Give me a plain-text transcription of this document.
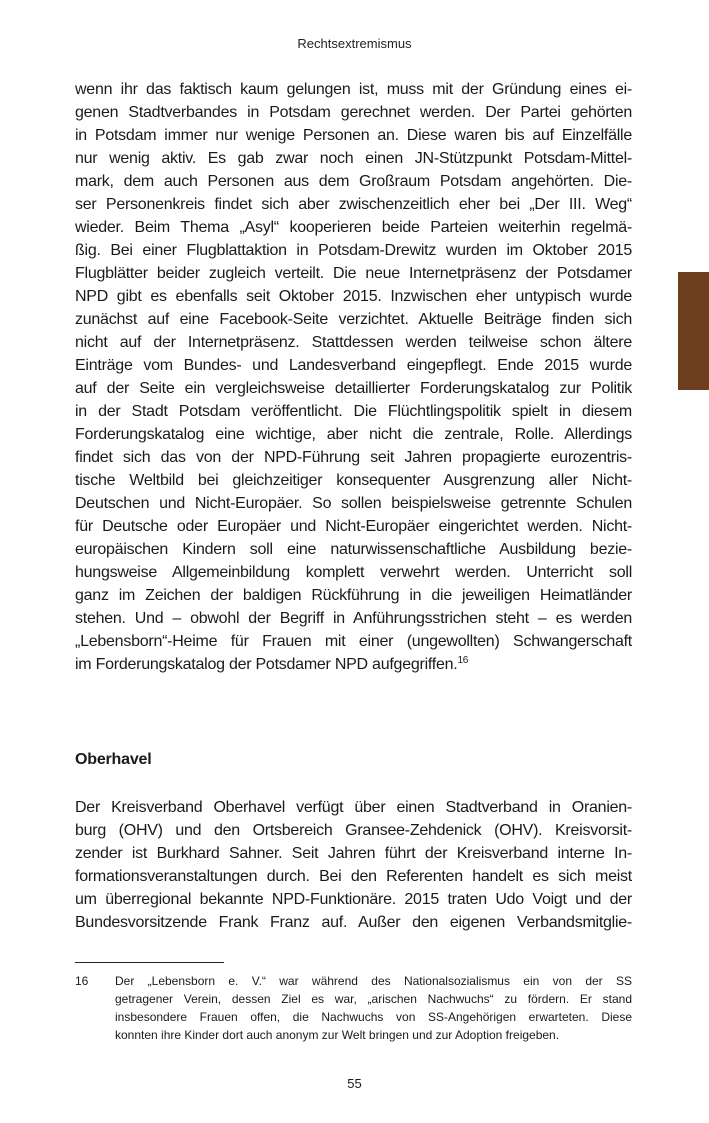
Rechtsextremismus
wenn ihr das faktisch kaum gelungen ist, muss mit der Gründung eines ei-
genen Stadtverbandes in Potsdam gerechnet werden. Der Partei gehörten
in Potsdam immer nur wenige Personen an. Diese waren bis auf Einzelfälle
nur wenig aktiv. Es gab zwar noch einen JN-Stützpunkt Potsdam-Mittel-
mark, dem auch Personen aus dem Großraum Potsdam angehörten. Die-
ser Personenkreis findet sich aber zwischenzeitlich eher bei „Der III. Weg“
wieder. Beim Thema „Asyl“ kooperieren beide Parteien weiterhin regelmä-
ßig. Bei einer Flugblattaktion in Potsdam-Drewitz wurden im Oktober 2015
Flugblätter beider zugleich verteilt. Die neue Internetpräsenz der Potsdamer
NPD gibt es ebenfalls seit Oktober 2015. Inzwischen eher untypisch wurde
zunächst auf eine Facebook-Seite verzichtet. Aktuelle Beiträge finden sich
nicht auf der Internetpräsenz. Stattdessen werden teilweise schon ältere
Einträge vom Bundes- und Landesverband eingepflegt. Ende 2015 wurde
auf der Seite ein vergleichsweise detaillierter Forderungskatalog zur Politik
in der Stadt Potsdam veröffentlicht. Die Flüchtlingspolitik spielt in diesem
Forderungskatalog eine wichtige, aber nicht die zentrale, Rolle. Allerdings
findet sich das von der NPD-Führung seit Jahren propagierte eurozentris-
tische Weltbild bei gleichzeitiger konsequenter Ausgrenzung aller Nicht-
Deutschen und Nicht-Europäer. So sollen beispielsweise getrennte Schulen
für Deutsche oder Europäer und Nicht-Europäer eingerichtet werden. Nicht-
europäischen Kindern soll eine naturwissenschaftliche Ausbildung bezie-
hungsweise Allgemeinbildung komplett verwehrt werden. Unterricht soll
ganz im Zeichen der baldigen Rückführung in die jeweiligen Heimatländer
stehen. Und – obwohl der Begriff in Anführungsstrichen steht – es werden
„Lebensborn“-Heime für Frauen mit einer (ungewollten) Schwangerschaft
im Forderungskatalog der Potsdamer NPD aufgegriffen.$^{16}$
Oberhavel
Der Kreisverband Oberhavel verfügt über einen Stadtverband in Oranien-
burg (OHV) und den Ortsbereich Gransee-Zehdenick (OHV). Kreisvorsit-
zender ist Burkhard Sahner. Seit Jahren führt der Kreisverband interne In-
formationsveranstaltungen durch. Bei den Referenten handelt es sich meist
um überregional bekannte NPD-Funktionäre. 2015 traten Udo Voigt und der
Bundesvorsitzende Frank Franz auf. Außer den eigenen Verbandsmitglie-
16 Der „Lebensborn e. V.“ war während des Nationalsozialismus ein von der SS
getragener Verein, dessen Ziel es war, „arischen Nachwuchs“ zu fördern. Er stand
insbesondere Frauen offen, die Nachwuchs von SS-Angehörigen erwarteten. Diese
konnten ihre Kinder dort auch anonym zur Welt bringen und zur Adoption freigeben.
55
